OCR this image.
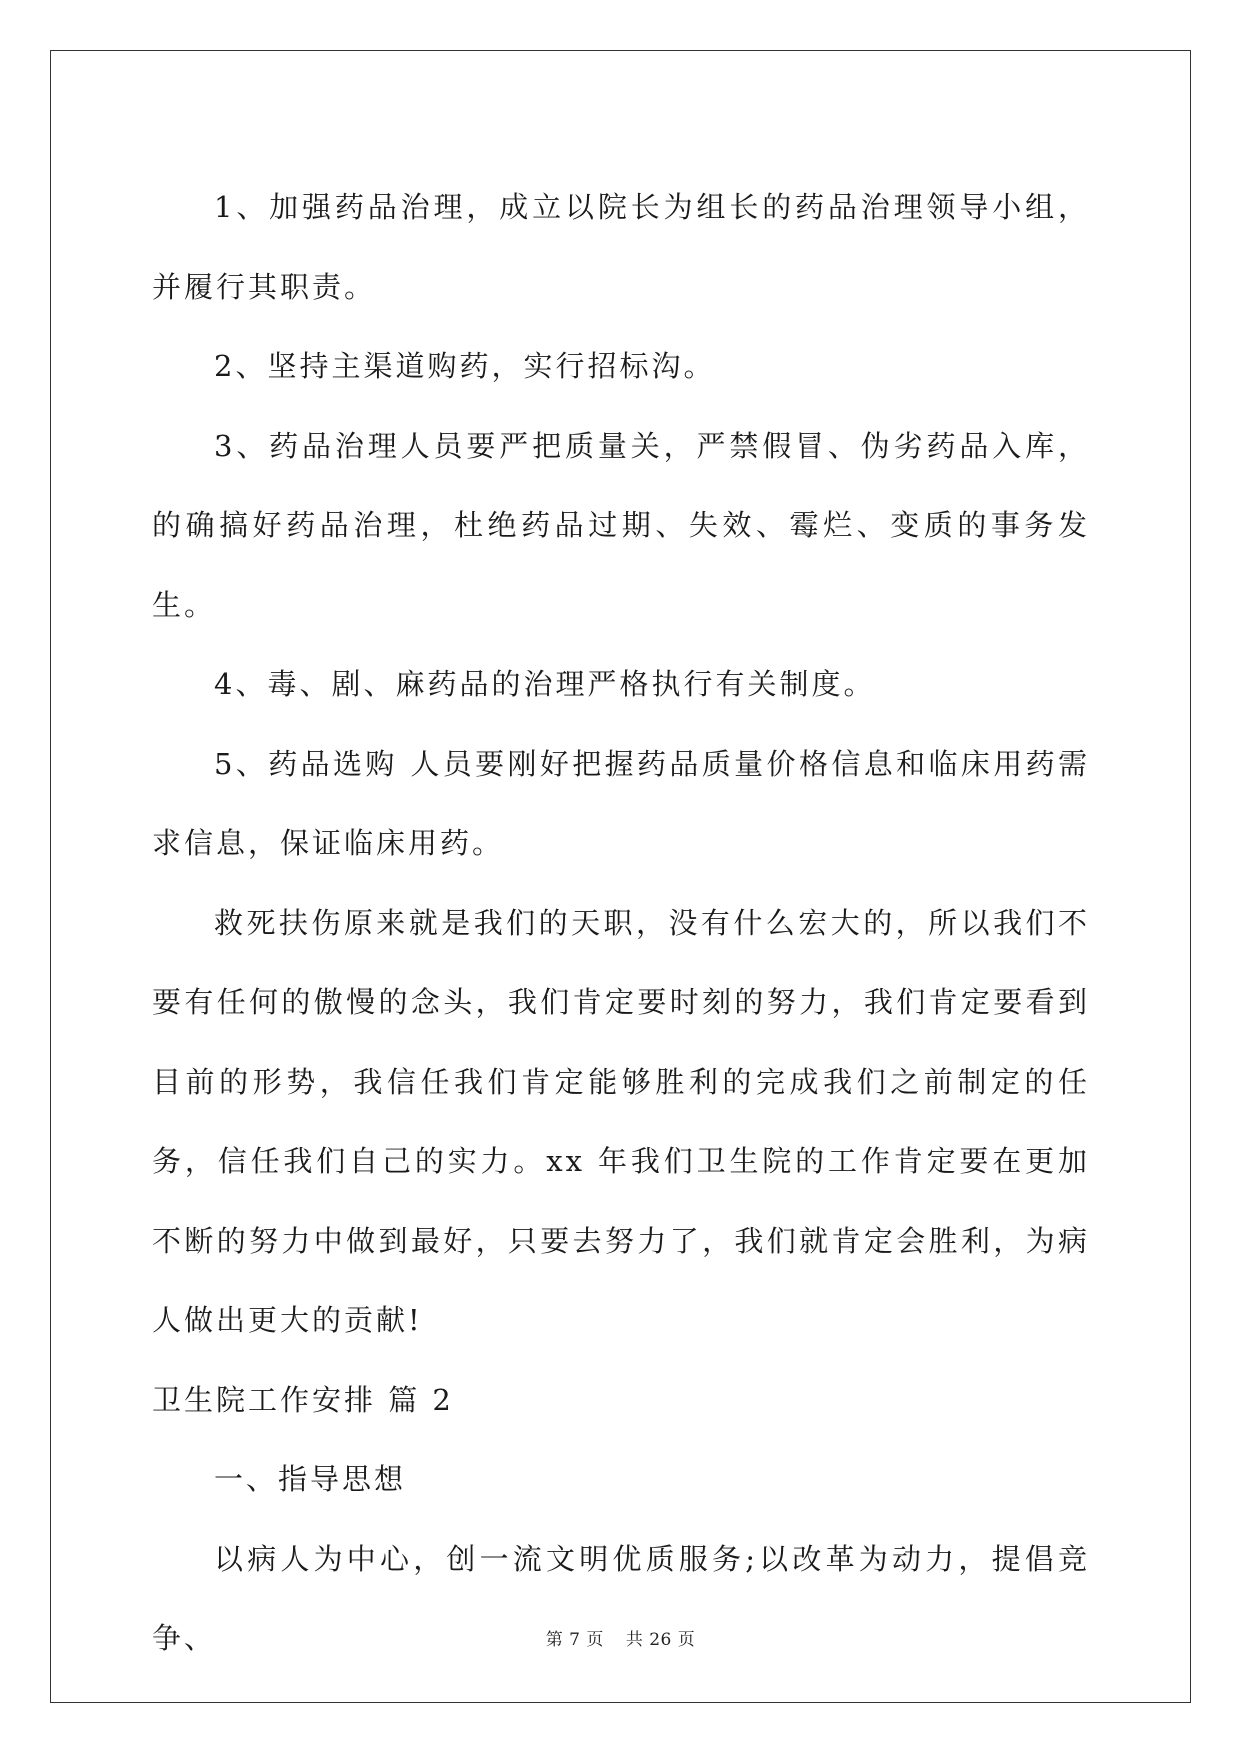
1、加强药品治理，成立以院长为组长的药品治理领导小组，并履行其职责。

2、坚持主渠道购药，实行招标沟。

3、药品治理人员要严把质量关，严禁假冒、伪劣药品入库，的确搞好药品治理，杜绝药品过期、失效、霉烂、变质的事务发生。

4、毒、剧、麻药品的治理严格执行有关制度。

5、药品选购 人员要刚好把握药品质量价格信息和临床用药需求信息，保证临床用药。

救死扶伤原来就是我们的天职，没有什么宏大的，所以我们不要有任何的傲慢的念头，我们肯定要时刻的努力，我们肯定要看到目前的形势，我信任我们肯定能够胜利的完成我们之前制定的任务，信任我们自己的实力。xx 年我们卫生院的工作肯定要在更加不断的努力中做到最好，只要去努力了，我们就肯定会胜利，为病人做出更大的贡献!

卫生院工作安排 篇 2

一、指导思想

以病人为中心，创一流文明优质服务;以改革为动力，提倡竞争、	第 7 页 共 26 页
